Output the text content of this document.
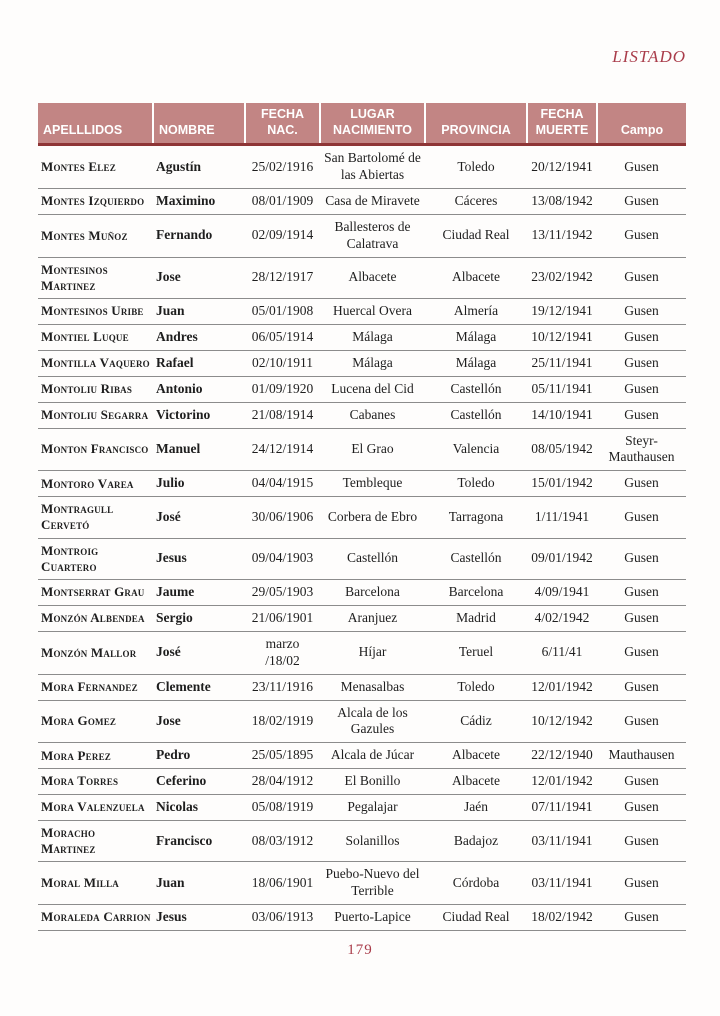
LISTADO
APELLLIDOS	NOMBRE	FECHA NAC.	LUGAR NACIMIENTO	PROVINCIA	FECHA MUERTE	Campo
Montes Elez	Agustín	25/02/1916	San Bartolomé de las Abiertas	Toledo	20/12/1941	Gusen
Montes Izquierdo	Maximino	08/01/1909	Casa de Miravete	Cáceres	13/08/1942	Gusen
Montes Muñoz	Fernando	02/09/1914	Ballesteros de Calatrava	Ciudad Real	13/11/1942	Gusen
Montesinos Martinez	Jose	28/12/1917	Albacete	Albacete	23/02/1942	Gusen
Montesinos Uribe	Juan	05/01/1908	Huercal Overa	Almería	19/12/1941	Gusen
Montiel Luque	Andres	06/05/1914	Málaga	Málaga	10/12/1941	Gusen
Montilla Vaquero	Rafael	02/10/1911	Málaga	Málaga	25/11/1941	Gusen
Montoliu Ribas	Antonio	01/09/1920	Lucena del Cid	Castellón	05/11/1941	Gusen
Montoliu Segarra	Victorino	21/08/1914	Cabanes	Castellón	14/10/1941	Gusen
Monton Francisco	Manuel	24/12/1914	El Grao	Valencia	08/05/1942	Steyr-Mauthausen
Montoro Varea	Julio	04/04/1915	Tembleque	Toledo	15/01/1942	Gusen
Montragull Cervetó	José	30/06/1906	Corbera de Ebro	Tarragona	1/11/1941	Gusen
Montroig Cuartero	Jesus	09/04/1903	Castellón	Castellón	09/01/1942	Gusen
Montserrat Grau	Jaume	29/05/1903	Barcelona	Barcelona	4/09/1941	Gusen
Monzón Albendea	Sergio	21/06/1901	Aranjuez	Madrid	4/02/1942	Gusen
Monzón Mallor	José	marzo /18/02	Híjar	Teruel	6/11/41	Gusen
Mora Fernandez	Clemente	23/11/1916	Menasalbas	Toledo	12/01/1942	Gusen
Mora Gomez	Jose	18/02/1919	Alcala de los Gazules	Cádiz	10/12/1942	Gusen
Mora Perez	Pedro	25/05/1895	Alcala de Júcar	Albacete	22/12/1940	Mauthausen
Mora Torres	Ceferino	28/04/1912	El Bonillo	Albacete	12/01/1942	Gusen
Mora Valenzuela	Nicolas	05/08/1919	Pegalajar	Jaén	07/11/1941	Gusen
Moracho Martinez	Francisco	08/03/1912	Solanillos	Badajoz	03/11/1941	Gusen
Moral Milla	Juan	18/06/1901	Puebo-Nuevo del Terrible	Córdoba	03/11/1941	Gusen
Moraleda Carrion	Jesus	03/06/1913	Puerto-Lapice	Ciudad Real	18/02/1942	Gusen
179
